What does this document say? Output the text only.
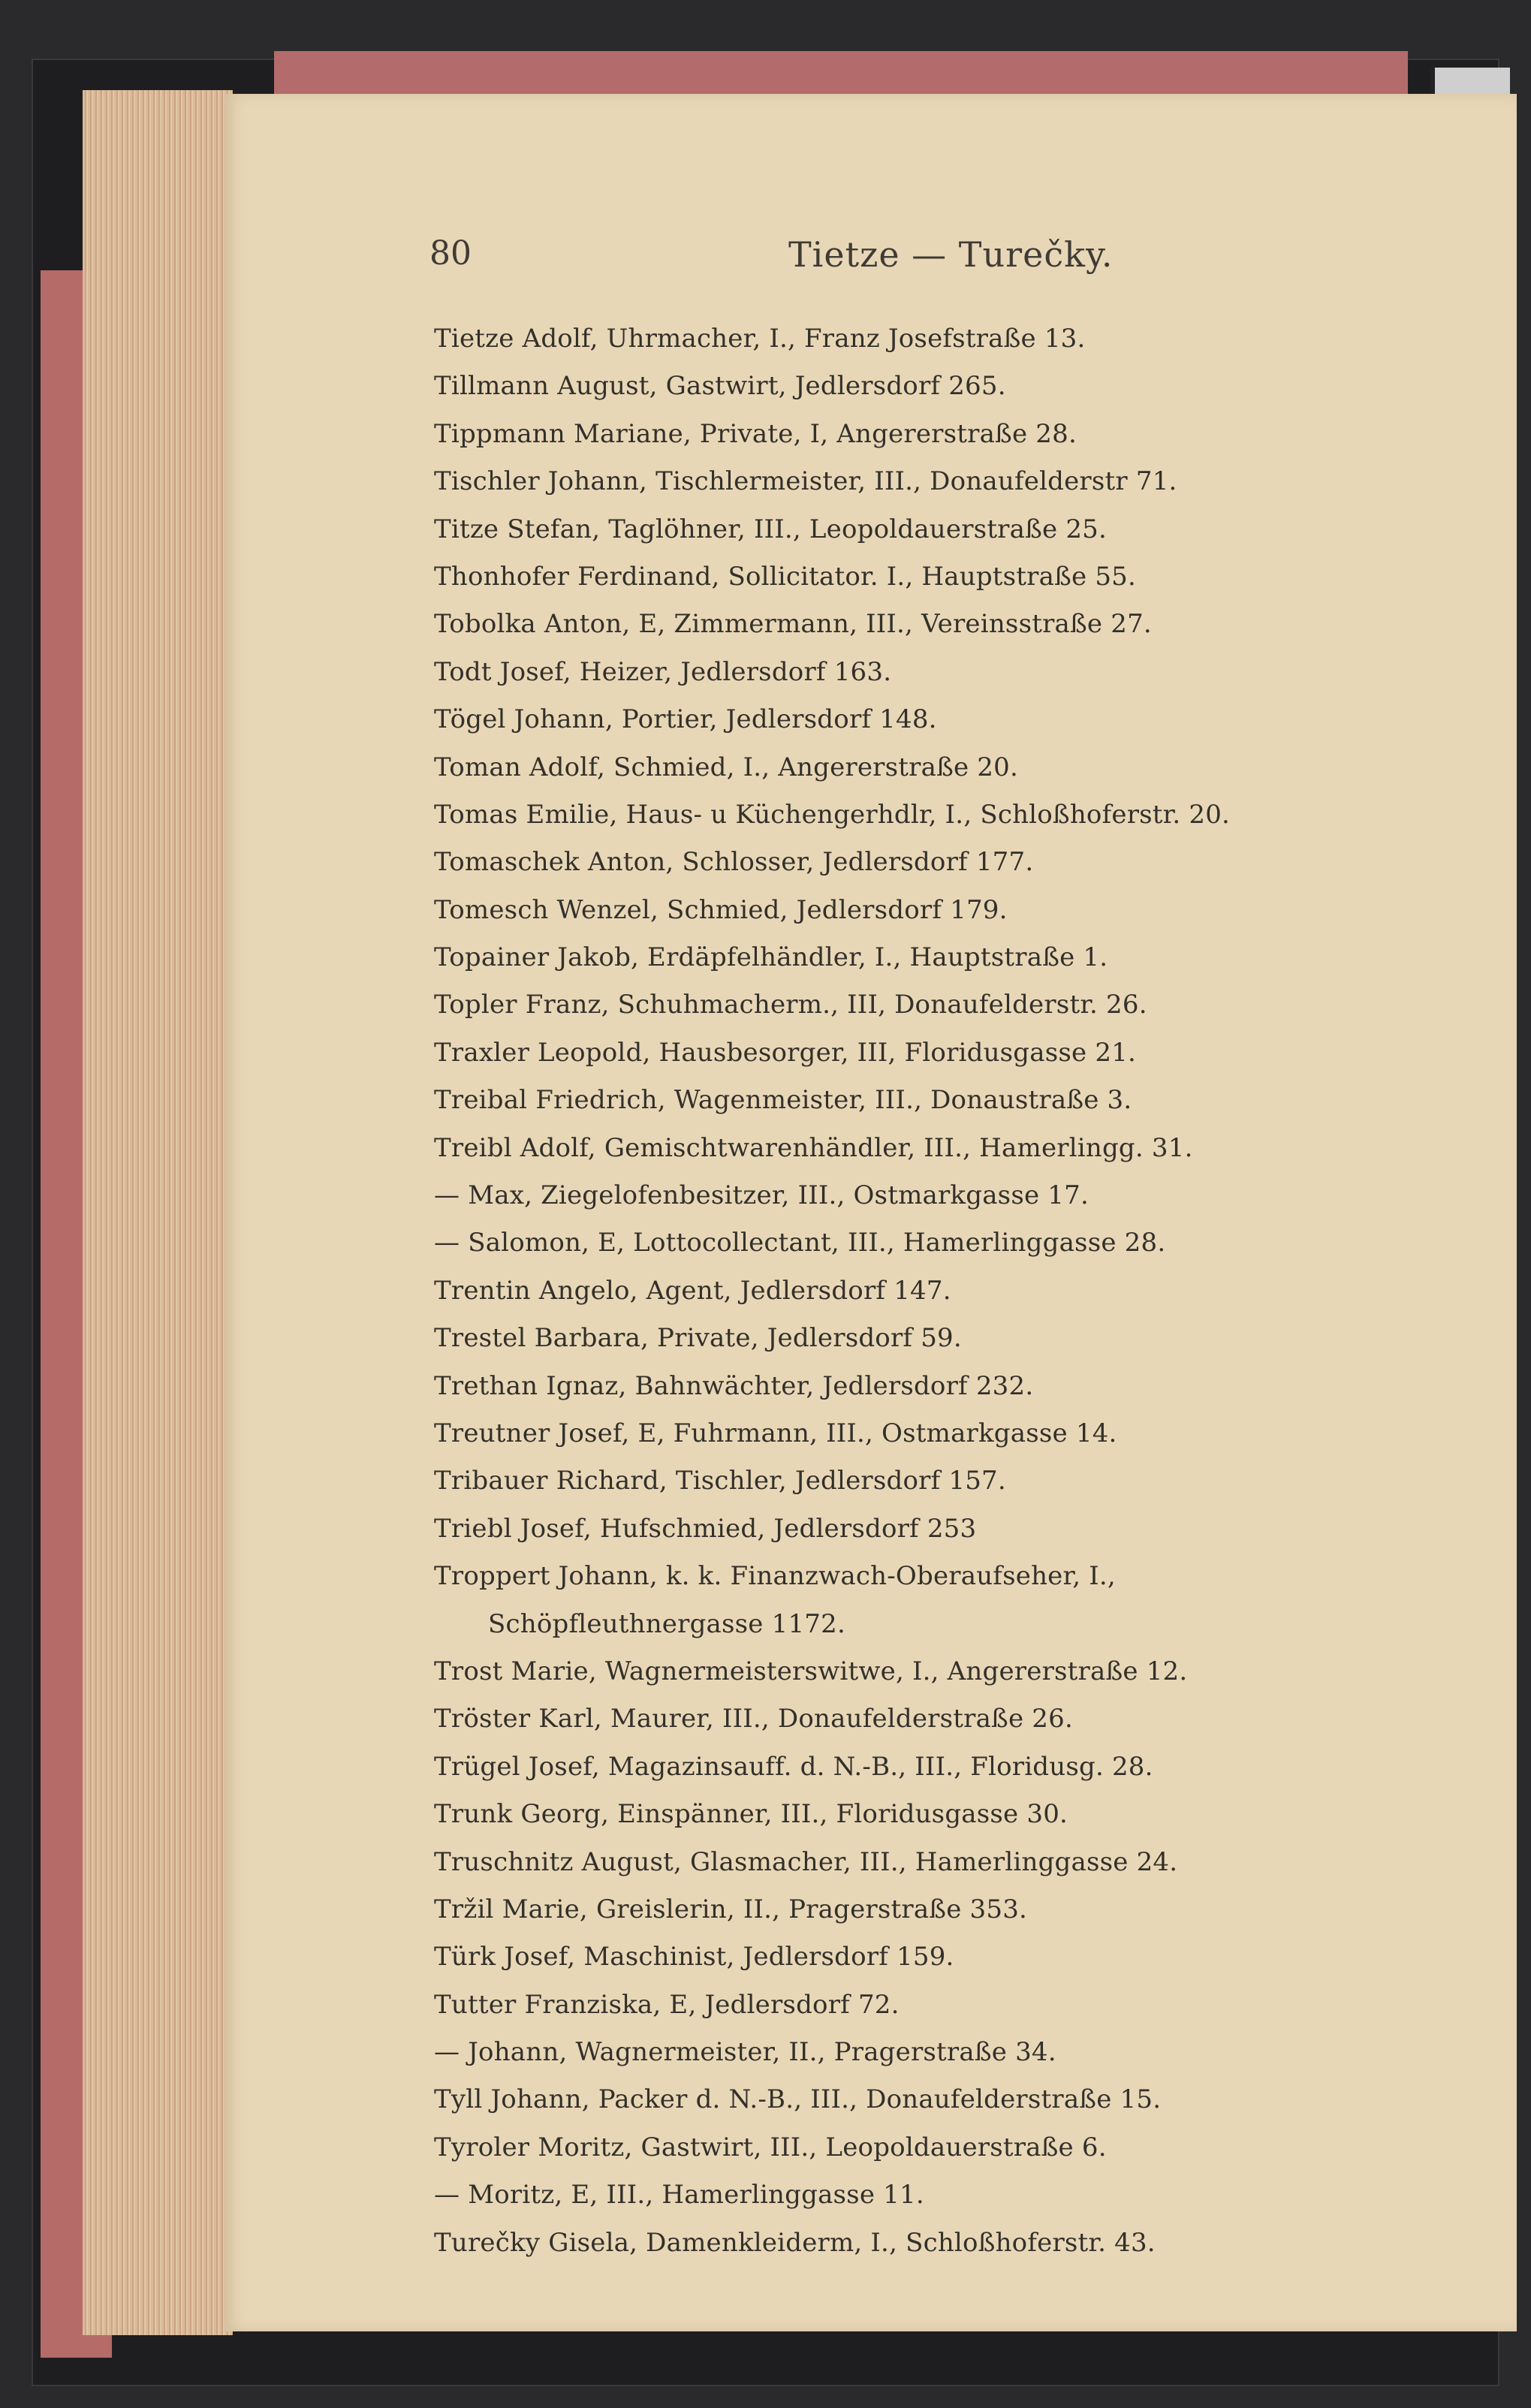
80	Tietze — Turečky.
Tietze Adolf, Uhrmacher, I., Franz Josefstraße 13.
Tillmann August, Gastwirt, Jedlersdorf 265.
Tippmann Mariane, Private, I, Angererstraße 28.
Tischler Johann, Tischlermeister, III., Donaufelderstr 71.
Titze Stefan, Taglöhner, III., Leopoldauerstraße 25.
Thonhofer Ferdinand, Sollicitator. I., Hauptstraße 55.
Tobolka Anton, E, Zimmermann, III., Vereinsstraße 27.
Todt Josef, Heizer, Jedlersdorf 163.
Tögel Johann, Portier, Jedlersdorf 148.
Toman Adolf, Schmied, I., Angererstraße 20.
Tomas Emilie, Haus- u Küchengerhdlr, I., Schloßhoferstr. 20.
Tomaschek Anton, Schlosser, Jedlersdorf 177.
Tomesch Wenzel, Schmied, Jedlersdorf 179.
Topainer Jakob, Erdäpfelhändler, I., Hauptstraße 1.
Topler Franz, Schuhmacherm., III, Donaufelderstr. 26.
Traxler Leopold, Hausbesorger, III, Floridusgasse 21.
Treibal Friedrich, Wagenmeister, III., Donaustraße 3.
Treibl Adolf, Gemischtwarenhändler, III., Hamerlingg. 31.
— Max, Ziegelofenbesitzer, III., Ostmarkgasse 17.
— Salomon, E, Lottocollectant, III., Hamerlinggasse 28.
Trentin Angelo, Agent, Jedlersdorf 147.
Trestel Barbara, Private, Jedlersdorf 59.
Trethan Ignaz, Bahnwächter, Jedlersdorf 232.
Treutner Josef, E, Fuhrmann, III., Ostmarkgasse 14.
Tribauer Richard, Tischler, Jedlersdorf 157.
Triebl Josef, Hufschmied, Jedlersdorf 253
Troppert Johann, k. k. Finanzwach-Oberaufseher, I.,
Schöpfleuthnergasse 1172.
Trost Marie, Wagnermeisterswitwe, I., Angererstraße 12.
Tröster Karl, Maurer, III., Donaufelderstraße 26.
Trügel Josef, Magazinsauff. d. N.-B., III., Floridusg. 28.
Trunk Georg, Einspänner, III., Floridusgasse 30.
Truschnitz August, Glasmacher, III., Hamerlinggasse 24.
Tržil Marie, Greislerin, II., Pragerstraße 353.
Türk Josef, Maschinist, Jedlersdorf 159.
Tutter Franziska, E, Jedlersdorf 72.
— Johann, Wagnermeister, II., Pragerstraße 34.
Tyll Johann, Packer d. N.-B., III., Donaufelderstraße 15.
Tyroler Moritz, Gastwirt, III., Leopoldauerstraße 6.
— Moritz, E, III., Hamerlinggasse 11.
Turečky Gisela, Damenkleiderm, I., Schloßhoferstr. 43.
